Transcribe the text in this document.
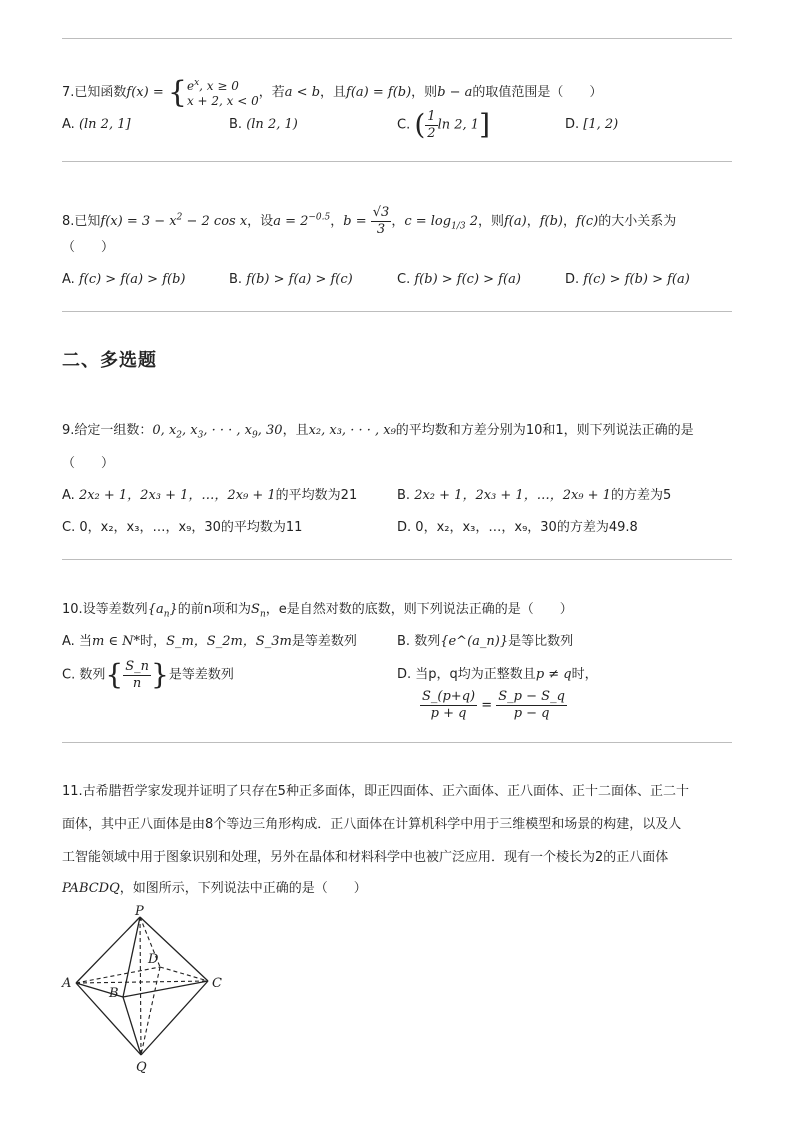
7.已知函数f(x) = { $e^x$, x ≥ 0
x + 2, x < 0
，若a < b，且f(a) = f(b)，则b − a的取值范围是（　　）
A. (ln 2, 1]	B. (ln 2, 1)	C. ( $\frac{1}{2}$ ln 2, 1]	D. [1, 2)
8.已知$f(x) = 3 - x^2 - 2$ cos x，设$a = 2^{-0.5}$，$b = \frac{√3}{3}$ ，$c = \log_{1/3} 2$，则f(a)，f(b)，f(c)的大小关系为
（　　）
A. f(c) > f(a) > f(b)	B. f(b) > f(a) > f(c)	C. f(b) > f(c) > f(a)	D. f(c) > f(b) > f(a)
二、多选题
9.给定一组数：0, $x_2$, $x_3$, · · · , $x_9$, 30，且x₂, x₃, · · · , x₉的平均数和方差分别为10和1，则下列说法正确的是
（　　）
A. 2x₂ + 1，2x₃ + 1，…，2x₉ + 1的平均数为21	B. 2x₂ + 1，2x₃ + 1，…，2x₉ + 1的方差为5
C. 0，x₂，x₃，…，x₉，30的平均数为11	D. 0，x₂，x₃，…，x₉，30的方差为49.8
10.设等差数列$\{a_n\}$的前n项和为$S_n$，e是自然对数的底数，则下列说法正确的是（　　）
A. 当m ∈ N*时，S_m，S_2m，S_3m是等差数列	B. 数列{e^(a_n)}是等比数列
C. 数列{ $\frac{S\_n}{n}$ }是等差数列	D. 当p，q均为正整数且p ≠ q时，
$\frac{S\_(p+q)}{p + q} = \frac{S\_p - S\_q}{p - q}$
11.古希腊哲学家发现并证明了只存在5种正多面体，即正四面体、正六面体、正八面体、正十二面体、正二十
面体，其中正八面体是由8个等边三角形构成．正八面体在计算机科学中用于三维模型和场景的构建，以及人
工智能领域中用于图象识别和处理，另外在晶体和材料科学中也被广泛应用．现有一个棱长为2的正八面体
PABCDQ，如图所示，下列说法中正确的是（　　）
P
A
B
C
D
Q
